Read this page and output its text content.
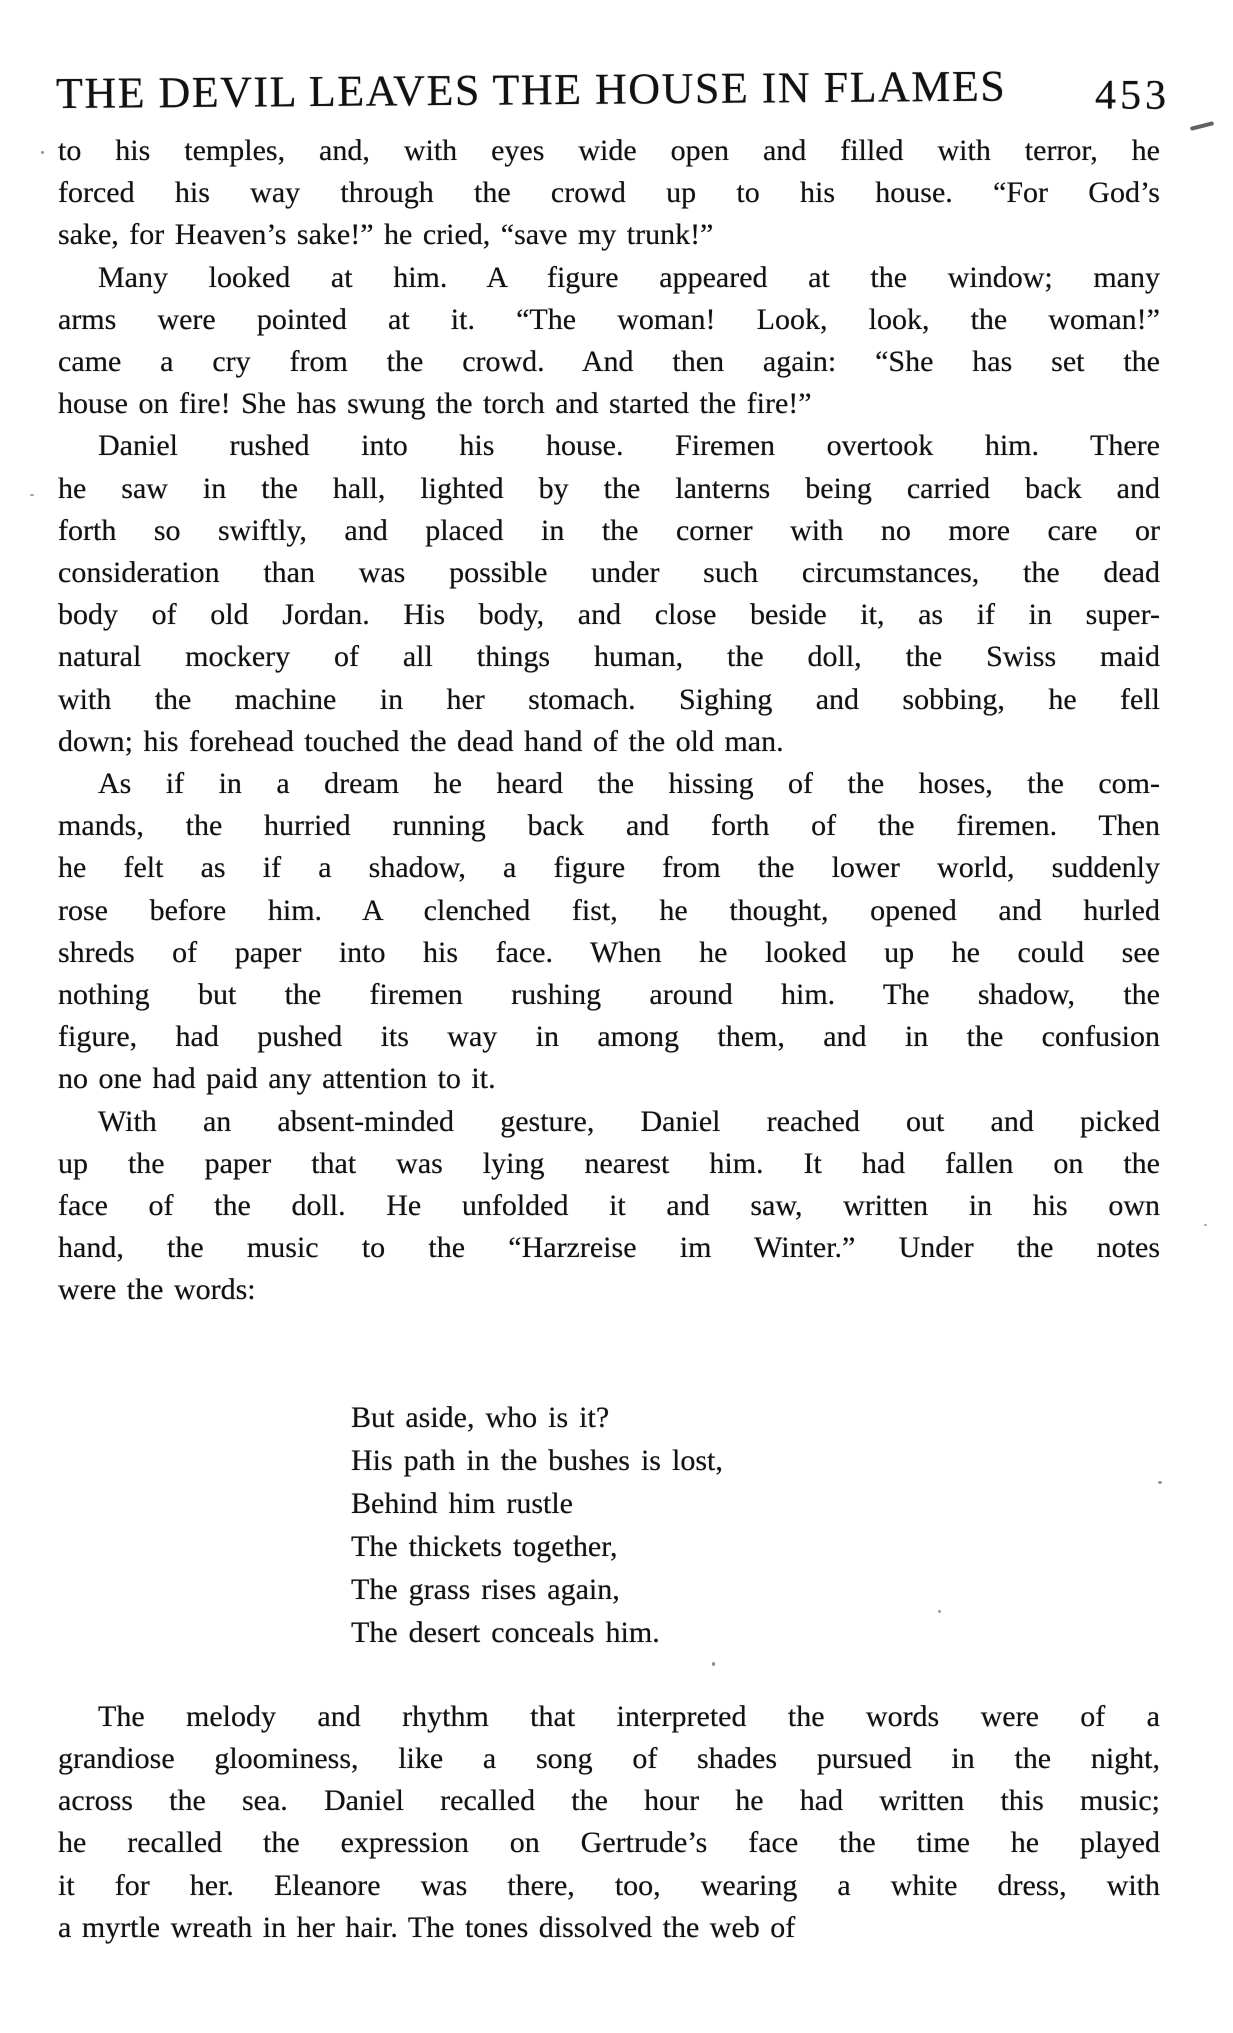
THE DEVIL LEAVES THE HOUSE IN FLAMES 453
to his temples, and, with eyes wide open and filled with terror, he
forced his way through the crowd up to his house. “For God’s
sake, for Heaven’s sake!” he cried, “save my trunk!”
Many looked at him. A figure appeared at the window; many
arms were pointed at it. “The woman! Look, look, the woman!”
came a cry from the crowd. And then again: “She has set the
house on fire! She has swung the torch and started the fire!”
Daniel rushed into his house. Firemen overtook him. There
he saw in the hall, lighted by the lanterns being carried back and
forth so swiftly, and placed in the corner with no more care or
consideration than was possible under such circumstances, the dead
body of old Jordan. His body, and close beside it, as if in super-
natural mockery of all things human, the doll, the Swiss maid
with the machine in her stomach. Sighing and sobbing, he fell
down; his forehead touched the dead hand of the old man.
As if in a dream he heard the hissing of the hoses, the com-
mands, the hurried running back and forth of the firemen. Then
he felt as if a shadow, a figure from the lower world, suddenly
rose before him. A clenched fist, he thought, opened and hurled
shreds of paper into his face. When he looked up he could see
nothing but the firemen rushing around him. The shadow, the
figure, had pushed its way in among them, and in the confusion
no one had paid any attention to it.
With an absent-minded gesture, Daniel reached out and picked
up the paper that was lying nearest him. It had fallen on the
face of the doll. He unfolded it and saw, written in his own
hand, the music to the “Harzreise im Winter.” Under the notes
were the words:
But aside, who is it?
His path in the bushes is lost,
Behind him rustle
The thickets together,
The grass rises again,
The desert conceals him.
The melody and rhythm that interpreted the words were of a
grandiose gloominess, like a song of shades pursued in the night,
across the sea. Daniel recalled the hour he had written this music;
he recalled the expression on Gertrude’s face the time he played
it for her. Eleanore was there, too, wearing a white dress, with
a myrtle wreath in her hair. The tones dissolved the web of
